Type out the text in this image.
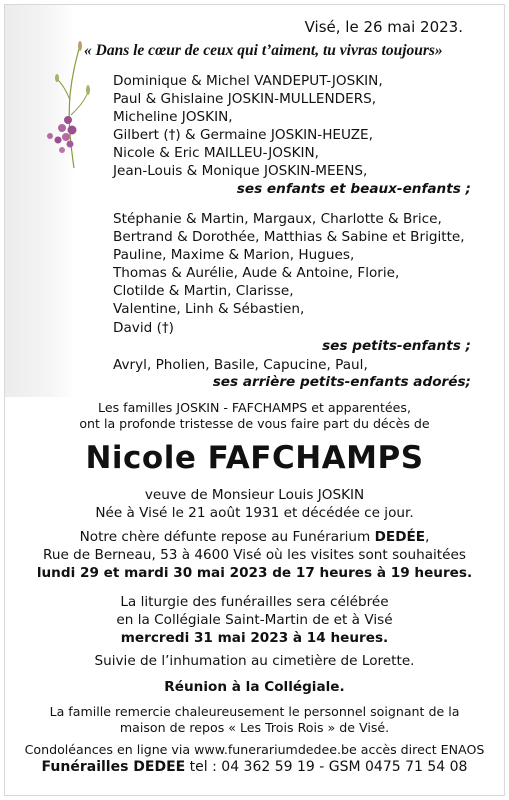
Visé, le 26 mai 2023.
« Dans le cœur de ceux qui t’aiment, tu vivras toujours»
Dominique & Michel VANDEPUT-JOSKIN,
Paul & Ghislaine JOSKIN-MULLENDERS,
Micheline JOSKIN,
Gilbert (†) & Germaine JOSKIN-HEUZE,
Nicole & Eric MAILLEU-JOSKIN,
Jean-Louis & Monique JOSKIN-MEENS,
ses enfants et beaux-enfants ;
Stéphanie & Martin, Margaux, Charlotte & Brice,
Bertrand & Dorothée, Matthias & Sabine et Brigitte,
Pauline, Maxime & Marion, Hugues,
Thomas & Aurélie, Aude & Antoine, Florie,
Clotilde & Martin, Clarisse,
Valentine, Linh & Sébastien,
David (†)
ses petits-enfants ;
Avryl, Pholien, Basile, Capucine, Paul,
ses arrière petits-enfants adorés;
Les familles JOSKIN - FAFCHAMPS et apparentées,
ont la profonde tristesse de vous faire part du décès de
Nicole FAFCHAMPS
veuve de Monsieur Louis JOSKIN
Née à Visé le 21 août 1931 et décédée ce jour.
Notre chère défunte repose au Funérarium DEDÉE,
Rue de Berneau, 53 à 4600 Visé où les visites sont souhaitées
lundi 29 et mardi 30 mai 2023 de 17 heures à 19 heures.
La liturgie des funérailles sera célébrée
en la Collégiale Saint-Martin de et à Visé
mercredi 31 mai 2023 à 14 heures.
Suivie de l’inhumation au cimetière de Lorette.
Réunion à la Collégiale.
La famille remercie chaleureusement le personnel soignant de la
maison de repos « Les Trois Rois » de Visé.
Condoléances en ligne via www.funerariumdedee.be accès direct ENAOS
Funérailles DEDEE tel : 04 362 59 19 - GSM 0475 71 54 08
